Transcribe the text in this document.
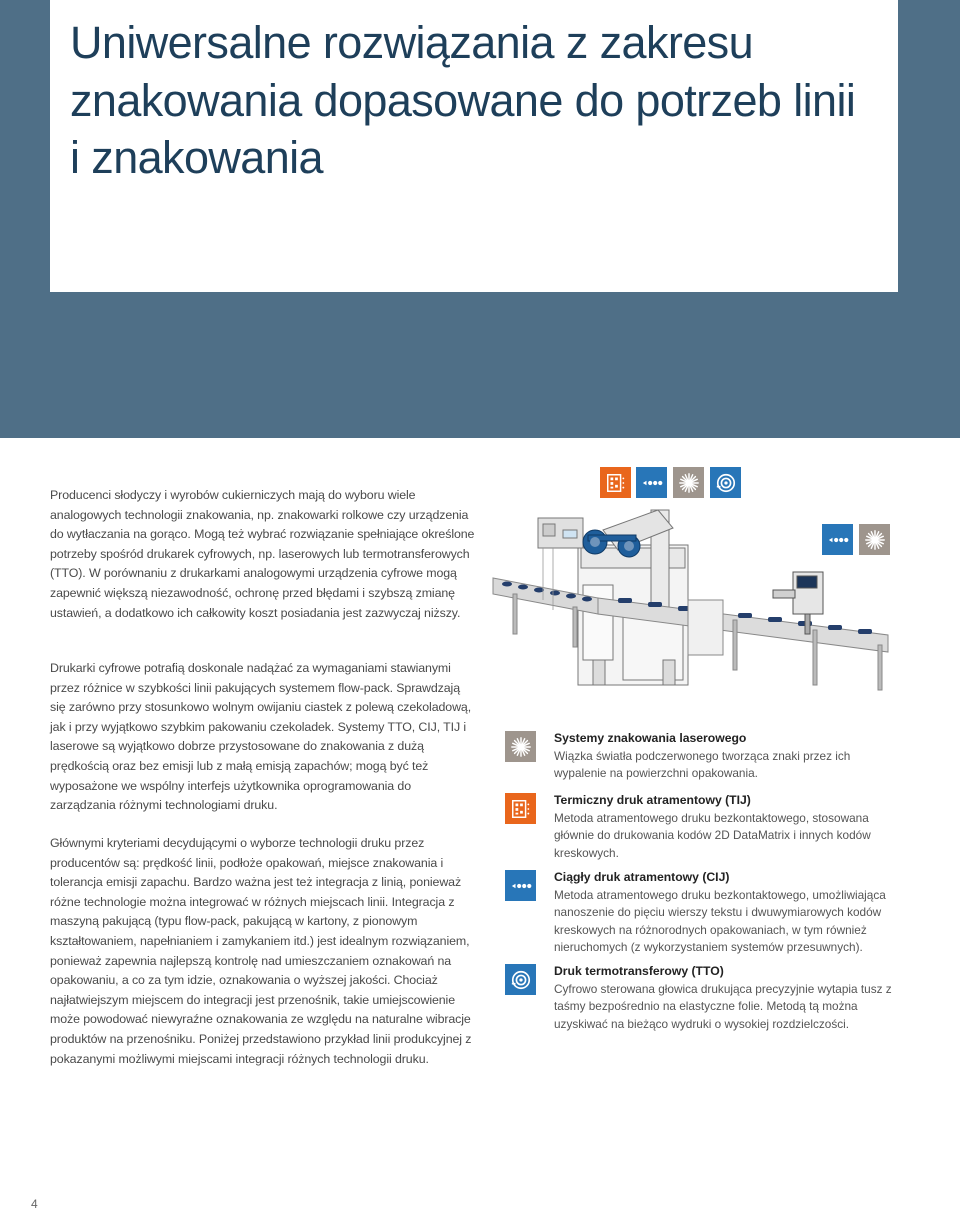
Uniwersalne rozwiązania z zakresu znakowania dopasowane do potrzeb linii i znakowania

Producenci słodyczy i wyrobów cukierniczych mają do wyboru wiele analogowych technologii znakowania, np. znakowarki rolkowe czy urządzenia do wytłaczania na gorąco. Mogą też wybrać rozwiązanie spełniające określone potrzeby spośród drukarek cyfrowych, np. laserowych lub termotransferowych (TTO). W porównaniu z drukarkami analogowymi urządzenia cyfrowe mogą zapewnić większą niezawodność, ochronę przed błędami i szybszą zmianę ustawień, a dodatkowo ich całkowity koszt posiadania jest zazwyczaj niższy.

Drukarki cyfrowe potrafią doskonale nadążać za wymaganiami stawianymi przez różnice w szybkości linii pakujących systemem flow-pack. Sprawdzają się zarówno przy stosunkowo wolnym owijaniu ciastek z polewą czekoladową, jak i przy wyjątkowo szybkim pakowaniu czekoladek. Systemy TTO, CIJ, TIJ i laserowe są wyjątkowo dobrze przystosowane do znakowania z dużą prędkością oraz bez emisji lub z małą emisją zapachów; mogą być też wyposażone we wspólny interfejs użytkownika oprogramowania do zarządzania różnymi technologiami druku.

Głównymi kryteriami decydującymi o wyborze technologii druku przez producentów są: prędkość linii, podłoże opakowań, miejsce znakowania i tolerancja emisji zapachu. Bardzo ważna jest też integracja z linią, ponieważ różne technologie można integrować w różnych miejscach linii. Integracja z maszyną pakującą (typu flow-pack, pakującą w kartony, z pionowym kształtowaniem, napełnianiem i zamykaniem itd.) jest idealnym rozwiązaniem, ponieważ zapewnia najlepszą kontrolę nad umieszczaniem oznakowań na opakowaniu, a co za tym idzie, oznakowania o wyższej jakości. Chociaż najłatwiejszym miejscem do integracji jest przenośnik, takie umiejscowienie może powodować niewyraźne oznakowania ze względu na naturalne wibracje produktów na przenośniku. Poniżej przedstawiono przykład linii produkcyjnej z pokazanymi możliwymi miejscami integracji różnych technologii druku.

Systemy znakowania laserowego
Wiązka światła podczerwonego tworząca znaki przez ich wypalenie na powierzchni opakowania.
Termiczny druk atramentowy (TIJ)
Metoda atramentowego druku bezkontaktowego, stosowana głównie do drukowania kodów 2D DataMatrix i innych kodów kreskowych.
Ciągły druk atramentowy (CIJ)
Metoda atramentowego druku bezkontaktowego, umożliwiająca nanoszenie do pięciu wierszy tekstu i dwuwymiarowych kodów kreskowych na różnorodnych opakowaniach, w tym również nieruchomych (z wykorzystaniem systemów przesuwnych).
Druk termotransferowy (TTO)
Cyfrowo sterowana głowica drukująca precyzyjnie wytapia tusz z taśmy bezpośrednio na elastyczne folie. Metodą tą można uzyskiwać na bieżąco wydruki o wysokiej rozdzielczości.
4
